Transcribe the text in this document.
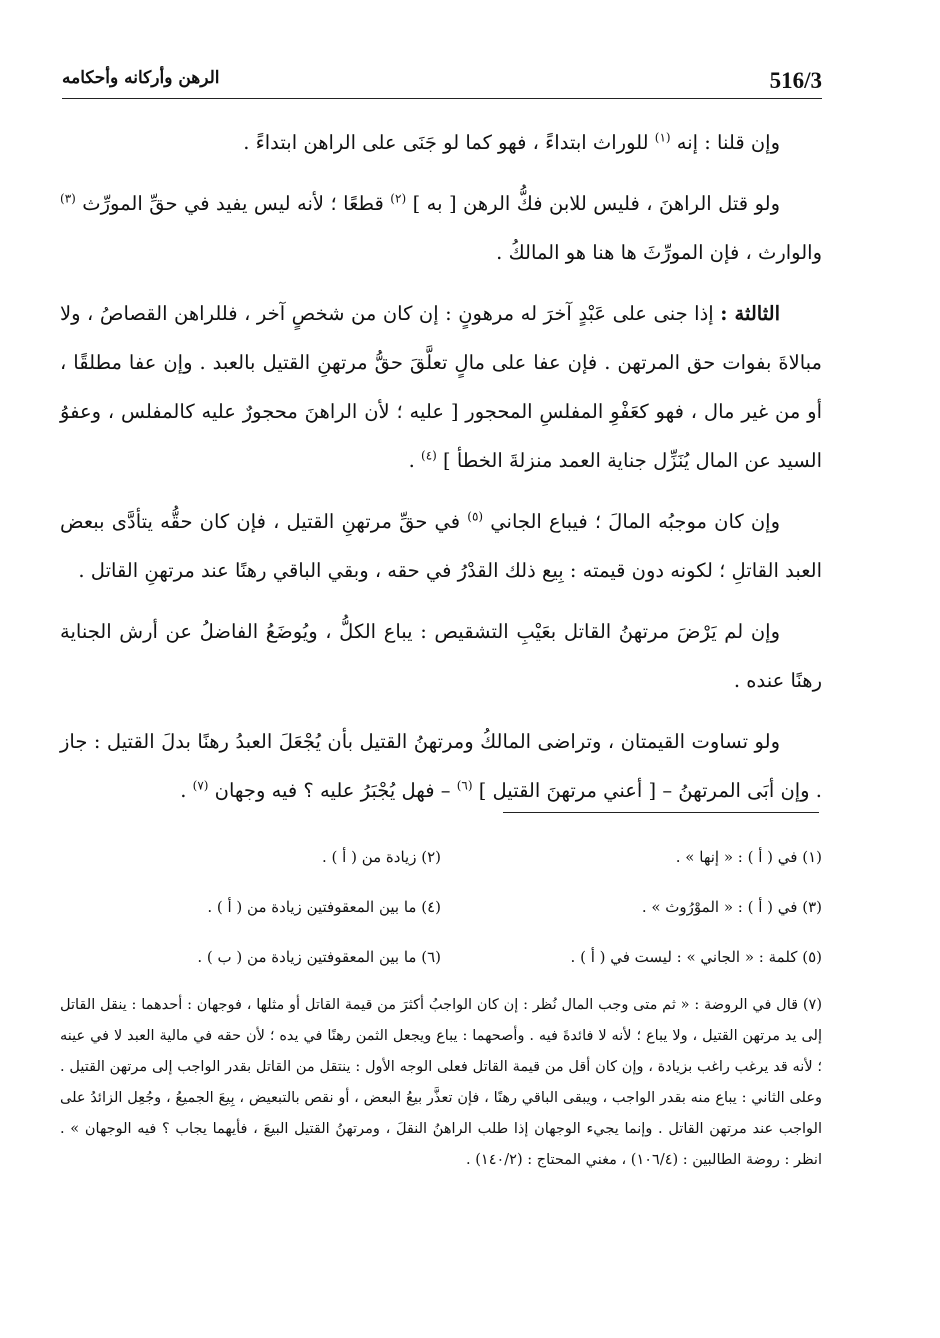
516/3
الرهن وأركانه وأحكامه

وإن قلنا : إنه $^{(١)}$ للوراث ابتداءً ، فهو كما لو جَنَى على الراهن ابتداءً .

ولو قتل الراهنَ ، فليس للابن فكُّ الرهن [ به ] $^{(٢)}$ قطعًا ؛ لأنه ليس يفيد في حقِّ المورِّث $^{(٣)}$ والوارث ، فإن المورِّثَ ها هنا هو المالكُ .

الثالثة : إذا جنى على عَبْدٍ آخرَ له مرهونٍ : إن كان من شخصٍ آخر ، فللراهن القصاصُ ، ولا مبالاةَ بفوات حق المرتهن . فإن عفا على مالٍ تعلَّقَ حقُّ مرتهنِ القتيل بالعبد . وإن عفا مطلقًا ، أو من غير مال ، فهو كعَفْوِ المفلسِ المحجور [ عليه ؛ لأن الراهنَ محجورٌ عليه كالمفلس ، وعفوُ السيد عن المال يُنَزِّل جناية العمد منزلةَ الخطأ ] $^{(٤)}$ .

وإن كان موجبُه المالَ ؛ فيباع الجاني $^{(٥)}$ في حقِّ مرتهنِ القتيل ، فإن كان حقُّه يتأدَّى ببعض العبد القاتلِ ؛ لكونه دون قيمته : بِيع ذلك القدْرُ في حقه ، وبقي الباقي رهنًا عند مرتهنِ القاتل .

وإن لم يَرْضَ مرتهنُ القاتل بعَيْبِ التشقيص : يباع الكلُّ ، ويُوضَعُ الفاضلُ عن أرش الجناية رهنًا عنده .

ولو تساوت القيمتان ، وتراضى المالكُ ومرتهنُ القتيل بأن يُجْعَلَ العبدُ رهنًا بدلَ القتيل : جاز . وإن أبَى المرتهنُ – [ أعني مرتهنَ القتيل ] $^{(٦)}$ – فهل يُجْبَرُ عليه ؟ فيه وجهان $^{(٧)}$ .

(١) في ( أ ) : « إنها » .
(٢) زيادة من ( أ ) .
(٣) في ( أ ) : « الموْرُوث » .
(٤) ما بين المعقوفتين زيادة من ( أ ) .
(٥) كلمة : « الجاني » : ليست في ( أ ) .
(٦) ما بين المعقوفتين زيادة من ( ب ) .
(٧) قال في الروضة : « ثم متى وجب المال نُظر : إن كان الواجبُ أكثرَ من قيمة القاتل أو مثلها ، فوجهان : أحدهما : ينقل القاتل إلى يد مرتهن القتيل ، ولا يباع ؛ لأنه لا فائدةَ فيه . وأصحهما : يباع ويجعل الثمن رهنًا في يده ؛ لأن حقه في مالية العبد لا في عينه ؛ لأنه قد يرغب راغب بزيادة ، وإن كان أقل من قيمة القاتل فعلى الوجه الأول : ينتقل من القاتل بقدر الواجب إلى مرتهن القتيل . وعلى الثاني : يباع منه بقدر الواجب ، ويبقى الباقي رهنًا ، فإن تعذَّر بيعُ البعض ، أو نقص بالتبعيض ، بِيعَ الجميعُ ، وجُعِل الزائدُ على الواجب عند مرتهن القاتل . وإنما يجيء الوجهان إذا طلب الراهنُ النقلَ ، ومرتهنُ القتيل البيعَ ، فأيهما يجاب ؟ فيه الوجهان » . انظر : روضة الطالبين : (١٠٦/٤) ، مغني المحتاج : (١٤٠/٢) .
